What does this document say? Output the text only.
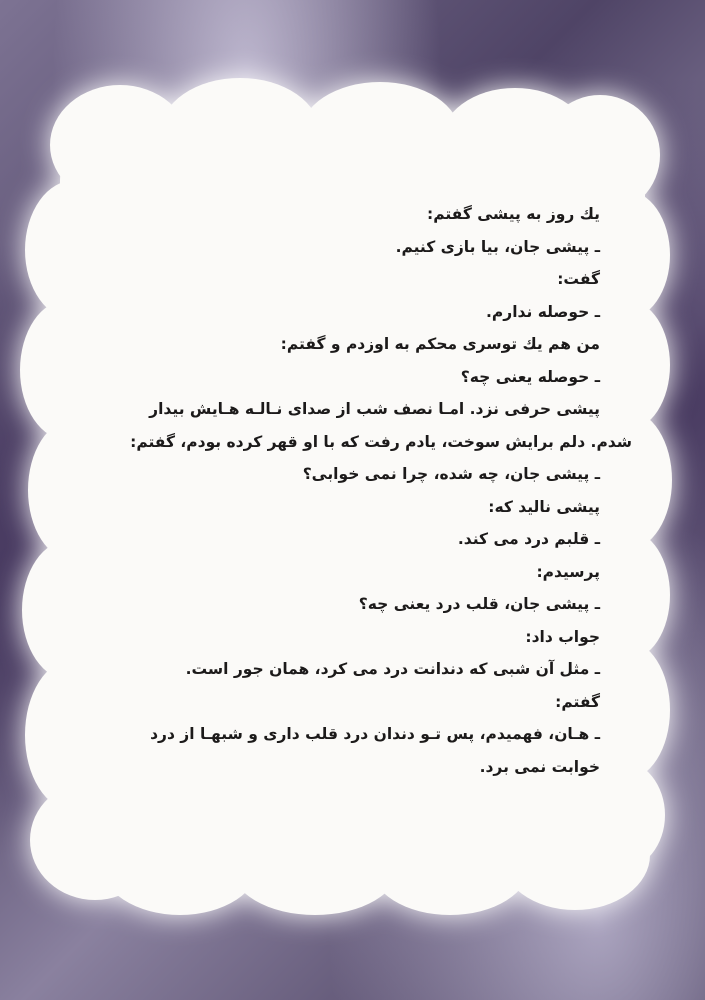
یك روز به پیشی گفتم:
ـ پیشی جان، بیا بازی كنیم.
گفت:
ـ حوصله ندارم.
من هم یك توسری محكم به اوزدم و گفتم:
ـ حوصله یعنی چه؟
پیشی حرفی نزد. امـا نصف شب از صدای نـالـه هـایش بیدار
شدم. دلم برایش سوخت، یادم رفت كه با او قهر كرده بودم، گفتم:
ـ پیشی جان، چه شده، چرا نمی خوابی؟
پیشی نالید كه:
ـ قلبم درد می كند.
پرسیدم:
ـ پیشی جان، قلب درد یعنی چه؟
جواب داد:
ـ مثل آن شبی كه دندانت درد می كرد، همان جور است.
گفتم:
ـ هـان، فهمیدم، پس تـو دندان درد قلب داری و شبهـا از درد
خوابت نمی برد.
